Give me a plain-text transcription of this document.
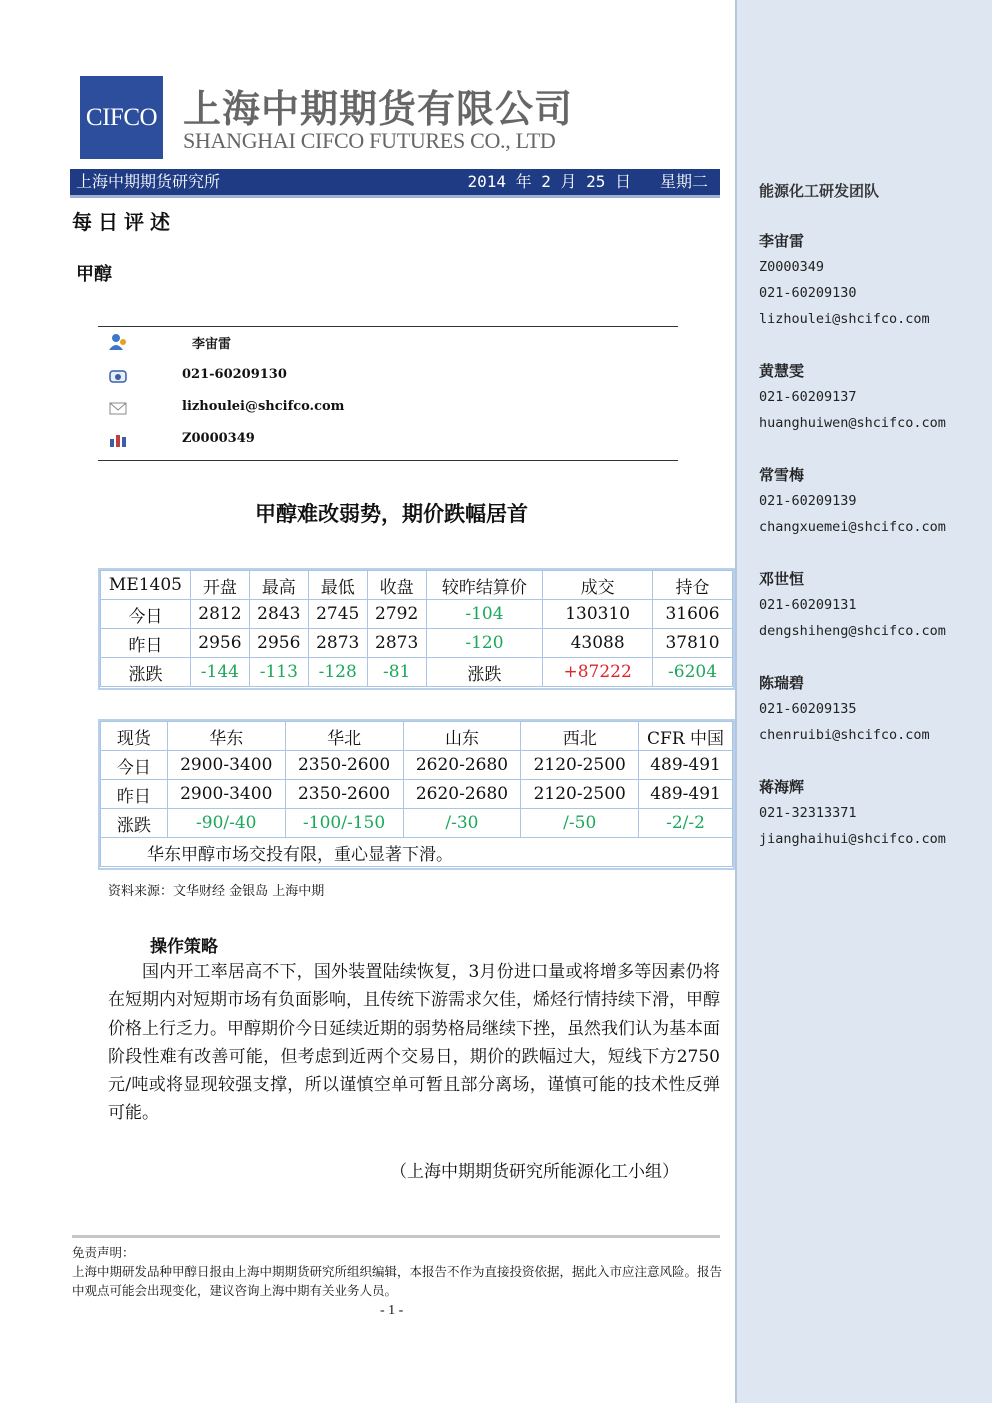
能源化工研发团队
李宙雷
Z0000349
021-60209130
lizhoulei@shcifco.com
黄慧雯
021-60209137
huanghuiwen@shcifco.com
常雪梅
021-60209139
changxuemei@shcifco.com
邓世恒
021-60209131
dengshiheng@shcifco.com
陈瑞碧
021-60209135
chenruibi@shcifco.com
蒋海辉
021-32313371
jianghaihui@shcifco.com
CIFCO 上海中期期货有限公司
SHANGHAI CIFCO FUTURES CO., LTD
上海中期期货研究所	2014 年 2 月 25 日 星期二
每日评述
甲醇
李宙雷
021-60209130
lizhoulei@shcifco.com
Z0000349
甲醇难改弱势，期价跌幅居首
ME1405	开盘	最高	最低	收盘	较昨结算价	成交	持仓
今日	2812	2843	2745	2792	-104	130310	31606
昨日	2956	2956	2873	2873	-120	43088	37810
涨跌	-144	-113	-128	-81	涨跌	+87222	-6204
现货	华东	华北	山东	西北	CFR 中国
今日	2900-3400	2350-2600	2620-2680	2120-2500	489-491
昨日	2900-3400	2350-2600	2620-2680	2120-2500	489-491
涨跌	-90/-40	-100/-150	/-30	/-50	-2/-2
华东甲醇市场交投有限，重心显著下滑。					
资料来源：文华财经 金银岛 上海中期
操作策略
国内开工率居高不下，国外装置陆续恢复，3月份进口量或将增多等因素仍将在短期内对短期市场有负面影响，且传统下游需求欠佳，烯烃行情持续下滑，甲醇价格上行乏力。甲醇期价今日延续近期的弱势格局继续下挫，虽然我们认为基本面阶段性难有改善可能，但考虑到近两个交易日，期价的跌幅过大，短线下方2750元/吨或将显现较强支撑，所以谨慎空单可暂且部分离场，谨慎可能的技术性反弹可能。
（上海中期期货研究所能源化工小组）
免责声明：
上海中期研发品种甲醇日报由上海中期期货研究所组织编辑，本报告不作为直接投资依据，据此入市应注意风险。报告中观点可能会出现变化，建议咨询上海中期有关业务人员。
- 1 -
